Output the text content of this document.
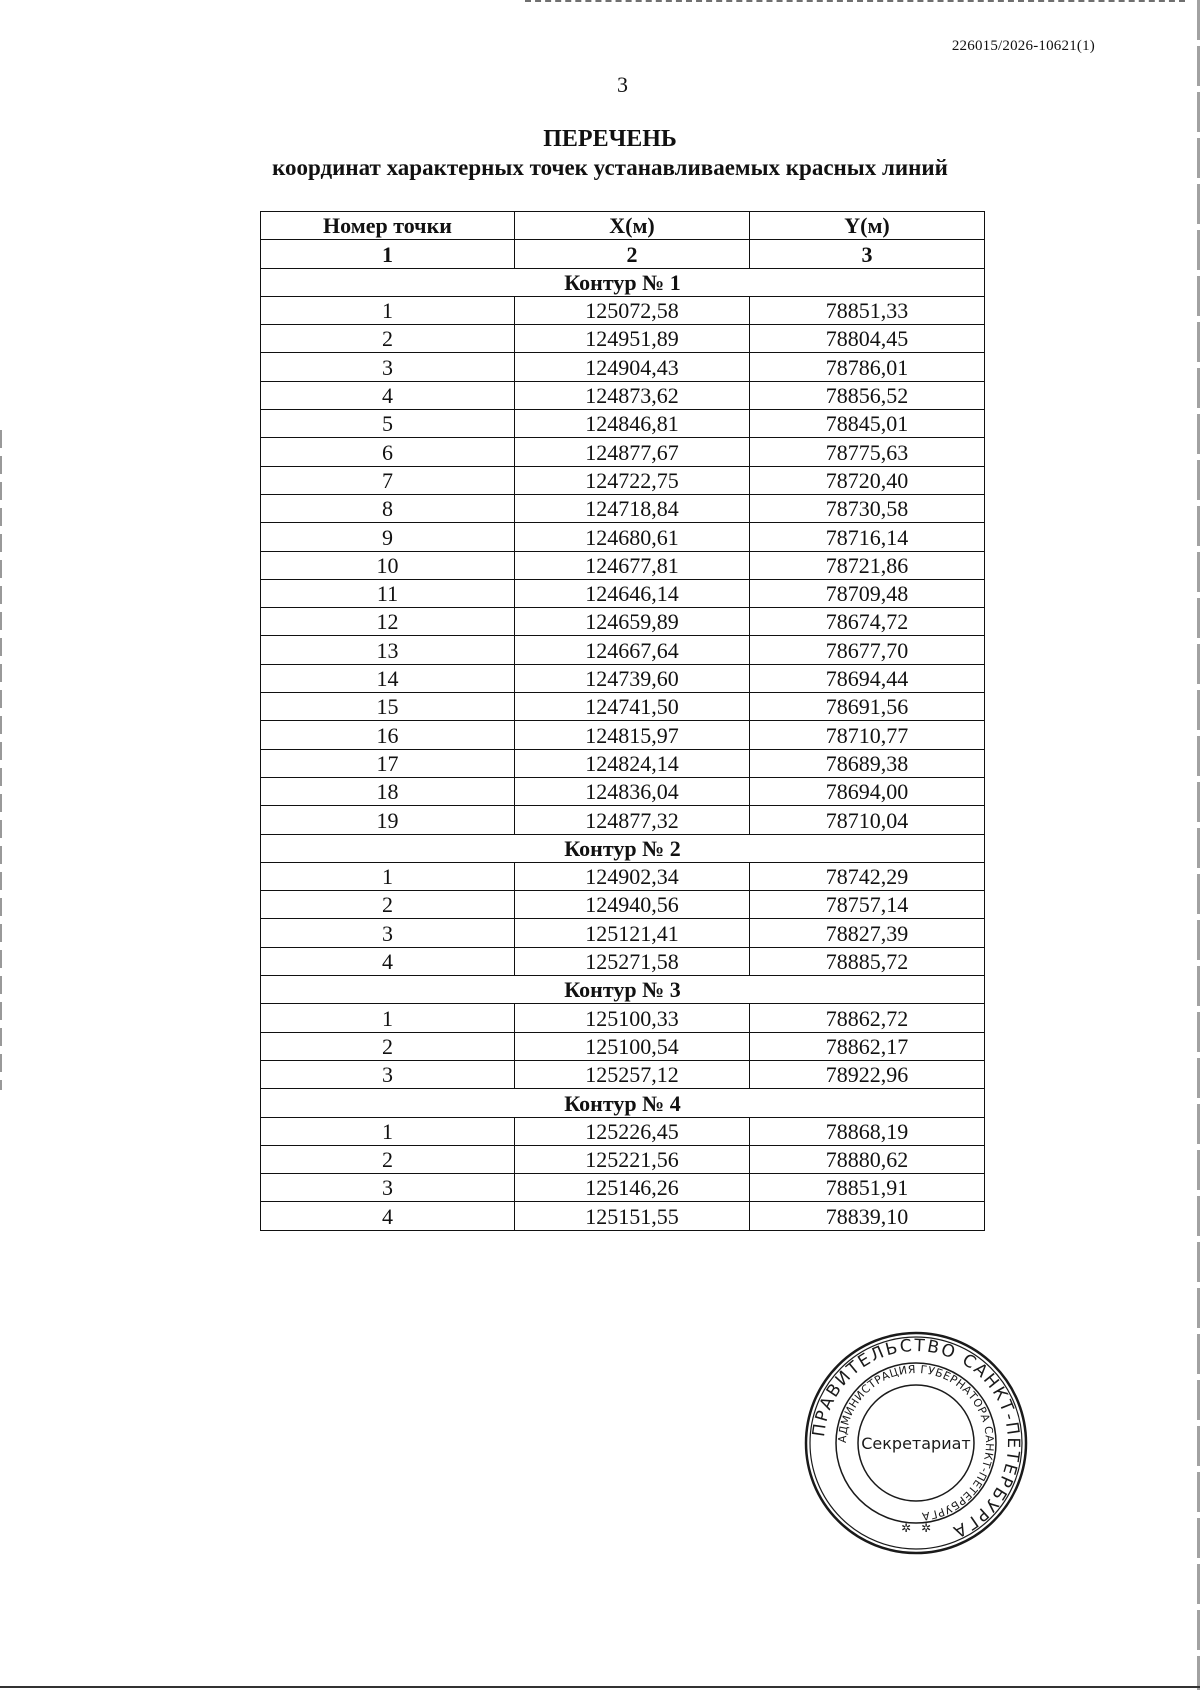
226015/2026-10621(1)
3
ПЕРЕЧЕНЬ
координат характерных точек устанавливаемых красных линий
Номер точки	X(м)	Y(м)
1	2	3
Контур № 1		
1	125072,58	78851,33
2	124951,89	78804,45
3	124904,43	78786,01
4	124873,62	78856,52
5	124846,81	78845,01
6	124877,67	78775,63
7	124722,75	78720,40
8	124718,84	78730,58
9	124680,61	78716,14
10	124677,81	78721,86
11	124646,14	78709,48
12	124659,89	78674,72
13	124667,64	78677,70
14	124739,60	78694,44
15	124741,50	78691,56
16	124815,97	78710,77
17	124824,14	78689,38
18	124836,04	78694,00
19	124877,32	78710,04
Контур № 2		
1	124902,34	78742,29
2	124940,56	78757,14
3	125121,41	78827,39
4	125271,58	78885,72
Контур № 3		
1	125100,33	78862,72
2	125100,54	78862,17
3	125257,12	78922,96
Контур № 4		
1	125226,45	78868,19
2	125221,56	78880,62
3	125146,26	78851,91
4	125151,55	78839,10
ПРАВИТЕЛЬСТВО САНКТ-ПЕТЕРБУРГА
АДМИНИСТРАЦИЯ ГУБЕРНАТОРА САНКТ-ПЕТЕРБУРГА
Секретариат
✲ ✲
